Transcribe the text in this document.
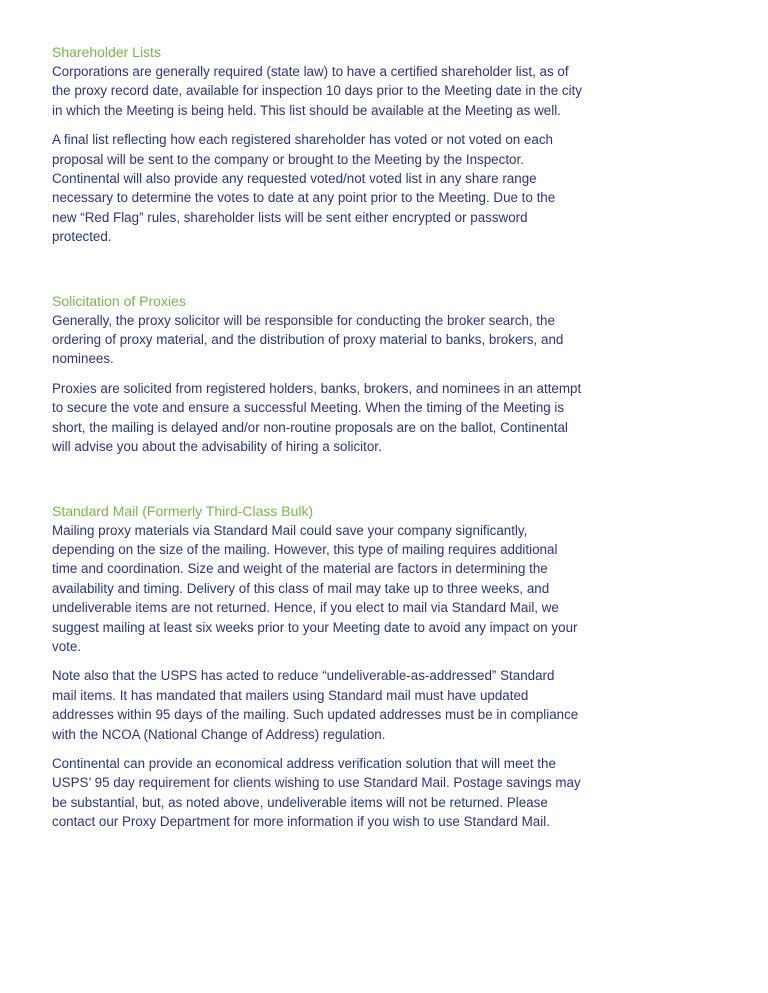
Shareholder Lists

Corporations are generally required (state law) to have a certified shareholder list, as of the proxy record date, available for inspection 10 days prior to the Meeting date in the city in which the Meeting is being held. This list should be available at the Meeting as well.

A final list reflecting how each registered shareholder has voted or not voted on each proposal will be sent to the company or brought to the Meeting by the Inspector. Continental will also provide any requested voted/not voted list in any share range necessary to determine the votes to date at any point prior to the Meeting. Due to the new “Red Flag” rules, shareholder lists will be sent either encrypted or password protected.

Solicitation of Proxies

Generally, the proxy solicitor will be responsible for conducting the broker search, the ordering of proxy material, and the distribution of proxy material to banks, brokers, and nominees.

Proxies are solicited from registered holders, banks, brokers, and nominees in an attempt to secure the vote and ensure a successful Meeting. When the timing of the Meeting is short, the mailing is delayed and/or non-routine proposals are on the ballot, Continental will advise you about the advisability of hiring a solicitor.

Standard Mail (Formerly Third-Class Bulk)

Mailing proxy materials via Standard Mail could save your company significantly, depending on the size of the mailing. However, this type of mailing requires additional time and coordination. Size and weight of the material are factors in determining the availability and timing. Delivery of this class of mail may take up to three weeks, and undeliverable items are not returned. Hence, if you elect to mail via Standard Mail, we suggest mailing at least six weeks prior to your Meeting date to avoid any impact on your vote.

Note also that the USPS has acted to reduce “undeliverable-as-addressed” Standard mail items. It has mandated that mailers using Standard mail must have updated addresses within 95 days of the mailing. Such updated addresses must be in compliance with the NCOA (National Change of Address) regulation.

Continental can provide an economical address verification solution that will meet the USPS’ 95 day requirement for clients wishing to use Standard Mail. Postage savings may be substantial, but, as noted above, undeliverable items will not be returned. Please contact our Proxy Department for more information if you wish to use Standard Mail.
